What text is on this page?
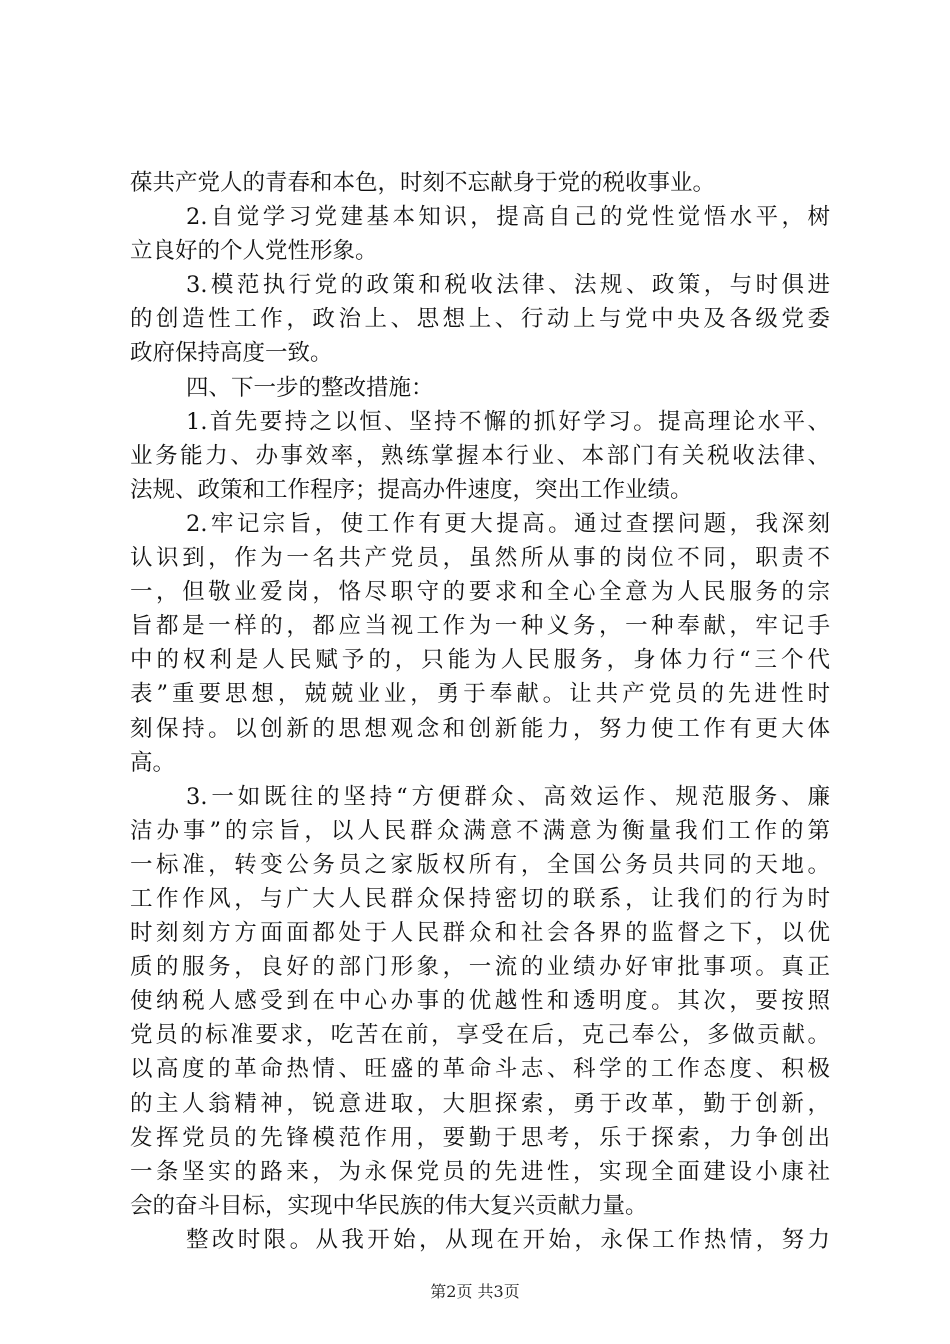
葆共产党人的青春和本色，时刻不忘献身于党的税收事业。
2.自觉学习党建基本知识，提高自己的党性觉悟水平，树
立良好的个人党性形象。
3.模范执行党的政策和税收法律、法规、政策，与时俱进
的创造性工作，政治上、思想上、行动上与党中央及各级党委
政府保持高度一致。
四、下一步的整改措施：
1.首先要持之以恒、坚持不懈的抓好学习。提高理论水平、
业务能力、办事效率，熟练掌握本行业、本部门有关税收法律、
法规、政策和工作程序；提高办件速度，突出工作业绩。
2.牢记宗旨，使工作有更大提高。通过查摆问题，我深刻
认识到，作为一名共产党员，虽然所从事的岗位不同，职责不
一，但敬业爱岗，恪尽职守的要求和全心全意为人民服务的宗
旨都是一样的，都应当视工作为一种义务，一种奉献，牢记手
中的权利是人民赋予的，只能为人民服务，身体力行“三个代
表”重要思想，兢兢业业，勇于奉献。让共产党员的先进性时
刻保持。以创新的思想观念和创新能力，努力使工作有更大体
高。
3.一如既往的坚持“方便群众、高效运作、规范服务、廉
洁办事”的宗旨，以人民群众满意不满意为衡量我们工作的第
一标准，转变公务员之家版权所有，全国公务员共同的天地。
工作作风，与广大人民群众保持密切的联系，让我们的行为时
时刻刻方方面面都处于人民群众和社会各界的监督之下，以优
质的服务，良好的部门形象，一流的业绩办好审批事项。真正
使纳税人感受到在中心办事的优越性和透明度。其次，要按照
党员的标准要求，吃苦在前，享受在后，克己奉公，多做贡献。
以高度的革命热情、旺盛的革命斗志、科学的工作态度、积极
的主人翁精神，锐意进取，大胆探索，勇于改革，勤于创新，
发挥党员的先锋模范作用，要勤于思考，乐于探索，力争创出
一条坚实的路来，为永保党员的先进性，实现全面建设小康社
会的奋斗目标，实现中华民族的伟大复兴贡献力量。
整改时限。从我开始，从现在开始，永保工作热情，努力
第2页 共3页
